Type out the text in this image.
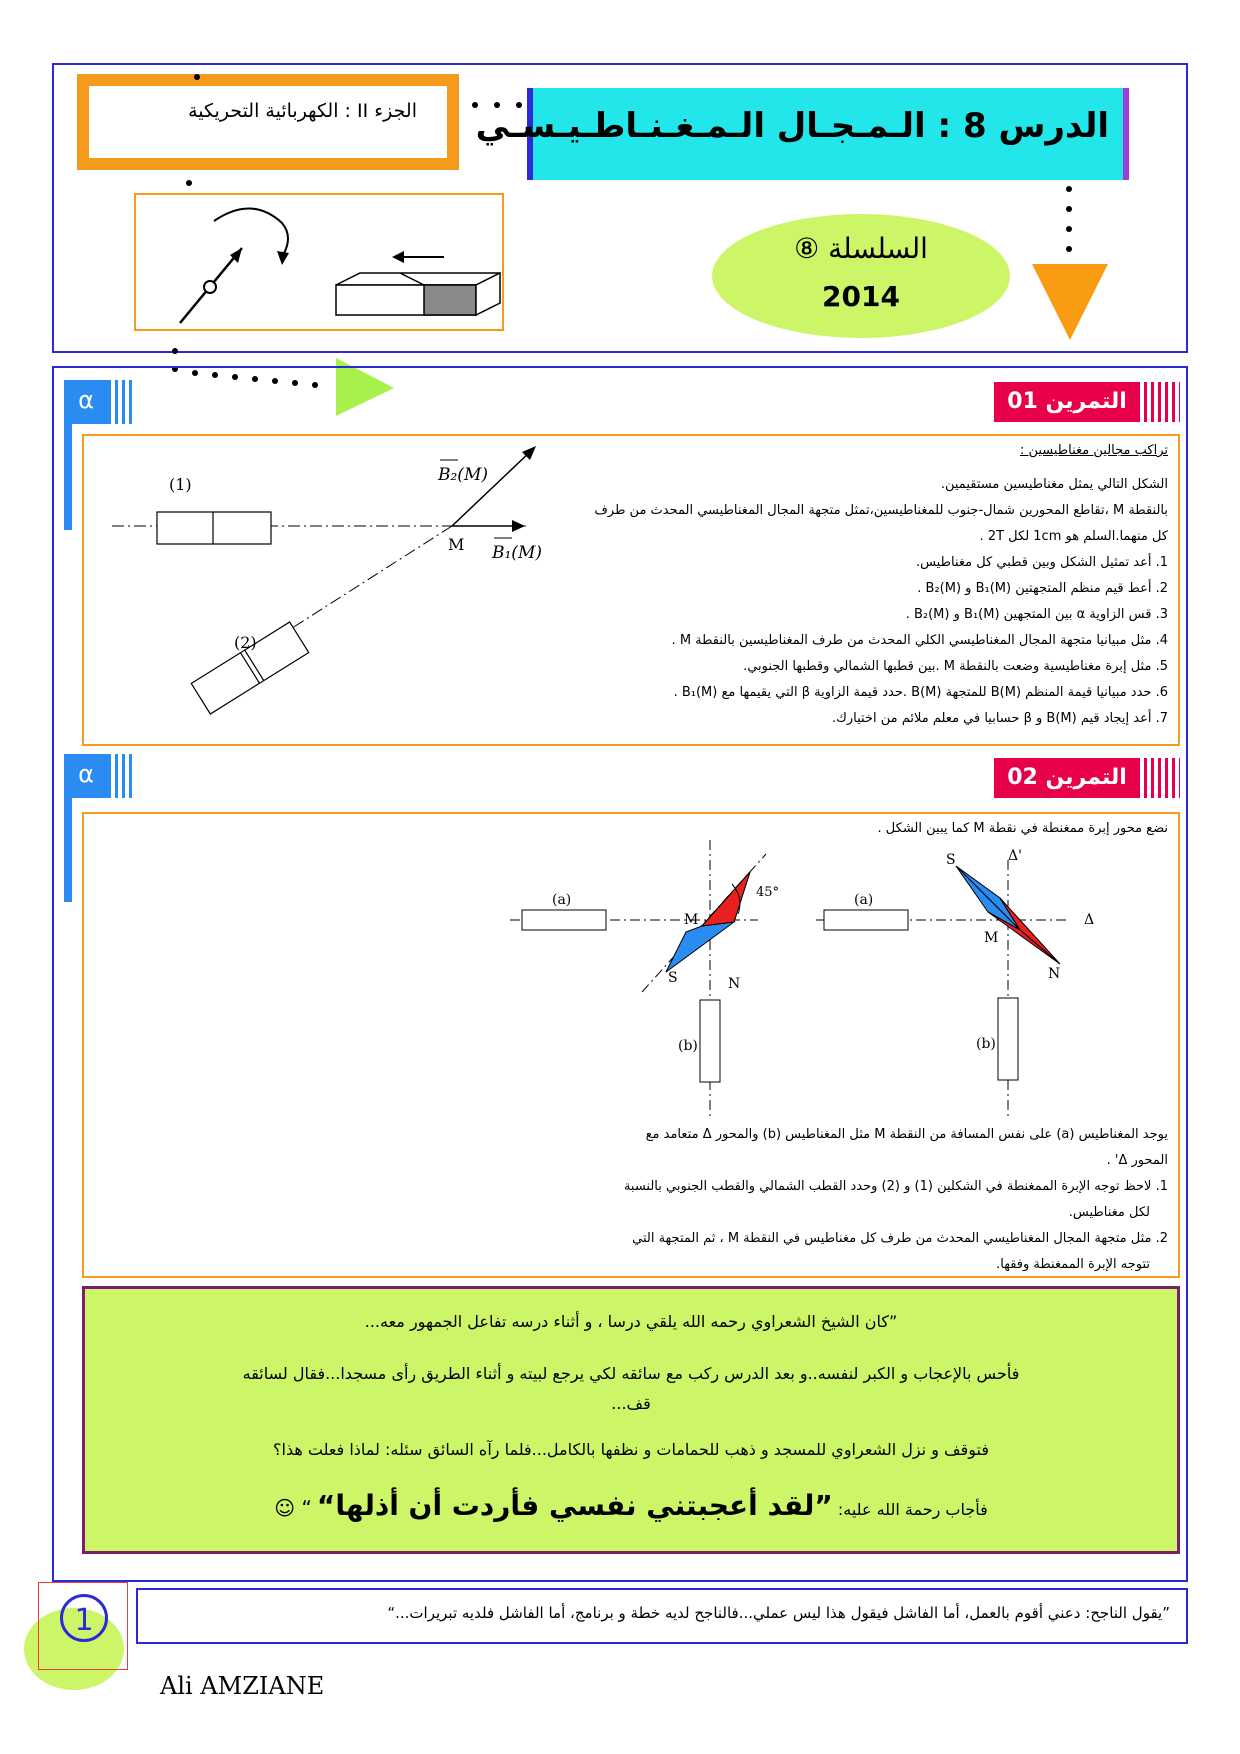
الجزء II : الكهربائية التحريكية الدرس 8 : الـمـجـال الـمـغـنـاطـيـسـي
السلسلة ⑧
2014
α	التمرين 01
(1)
(2)
M B₁(M)
B₂(M)
تراكب مجالين مغناطيسين :
الشكل التالي يمثل مغناطيسين مستقيمين.
بالنقطة M ،تقاطع المحورين شمال-جنوب للمغناطيسين،تمثل متجهة المجال المغناطيسي المحدث من طرف
كل منهما.السلم هو 1cm لكل 2T .
1. أعد تمثيل الشكل وبين قطبي كل مغناطيس.
2. أعط قيم منظم المتجهتين B₁(M) و B₂(M) .
3. قس الزاوية α بين المتجهين B₁(M) و B₂(M) .
4. مثل مبيانيا متجهة المجال المغناطيسي الكلي المحدث من طرف المغناطيسين بالنقطة M .
5. مثل إبرة مغناطيسية وضعت بالنقطة M .بين قطبها الشمالي وقطبها الجنوبي.
6. حدد مبيانيا قيمة المنظم B(M) للمتجهة B(M) .حدد قيمة الزاوية β التي يقيمها مع B₁(M) .
7. أعد إيجاد قيم B(M) و β حسابيا في معلم ملائم من اختيارك.
α	التمرين 02
نضع محور إبرة ممغنطة في نقطة M كما يبين الشكل .
(a)
(b)
M
45°
N
S
(a)
(b)
S
N
M
Δ'
Δ
يوجد المغناطيس (a) على نفس المسافة من النقطة M مثل المغناطيس (b) والمحور Δ متعامد مع
المحور Δ' .
1. لاحظ توجه الإبرة الممغنطة في الشكلين (1) و (2) وحدد القطب الشمالي والقطب الجنوبي بالنسبة
لكل مغناطيس.
2. مثل متجهة المجال المغناطيسي المحدث من طرف كل مغناطيس في النقطة M ، ثم المتجهة التي
تتوجه الإبرة الممغنطة وفقها.
”كان الشيخ الشعراوي رحمه الله يلقي درسا ، و أثناء درسه تفاعل الجمهور معه...
فأحس بالإعجاب و الكبر لنفسه..و بعد الدرس ركب مع سائقه لكي يرجع لبيته و أثناء الطريق رأى مسجدا...فقال لسائقه
قف...
فتوقف و نزل الشعراوي للمسجد و ذهب للحمامات و نظفها بالكامل...فلما رآه السائق سئله: لماذا فعلت هذا؟
فأجاب رحمة الله عليه: ”لقد أعجبتني نفسي فأردت أن أذلها“ “ ☺
”يقول الناجح: دعني أقوم بالعمل، أما الفاشل فيقول هذا ليس عملي...فالناجح لديه خطة و برنامج، أما الفاشل فلديه تبريرات...“
1
Ali AMZIANE
